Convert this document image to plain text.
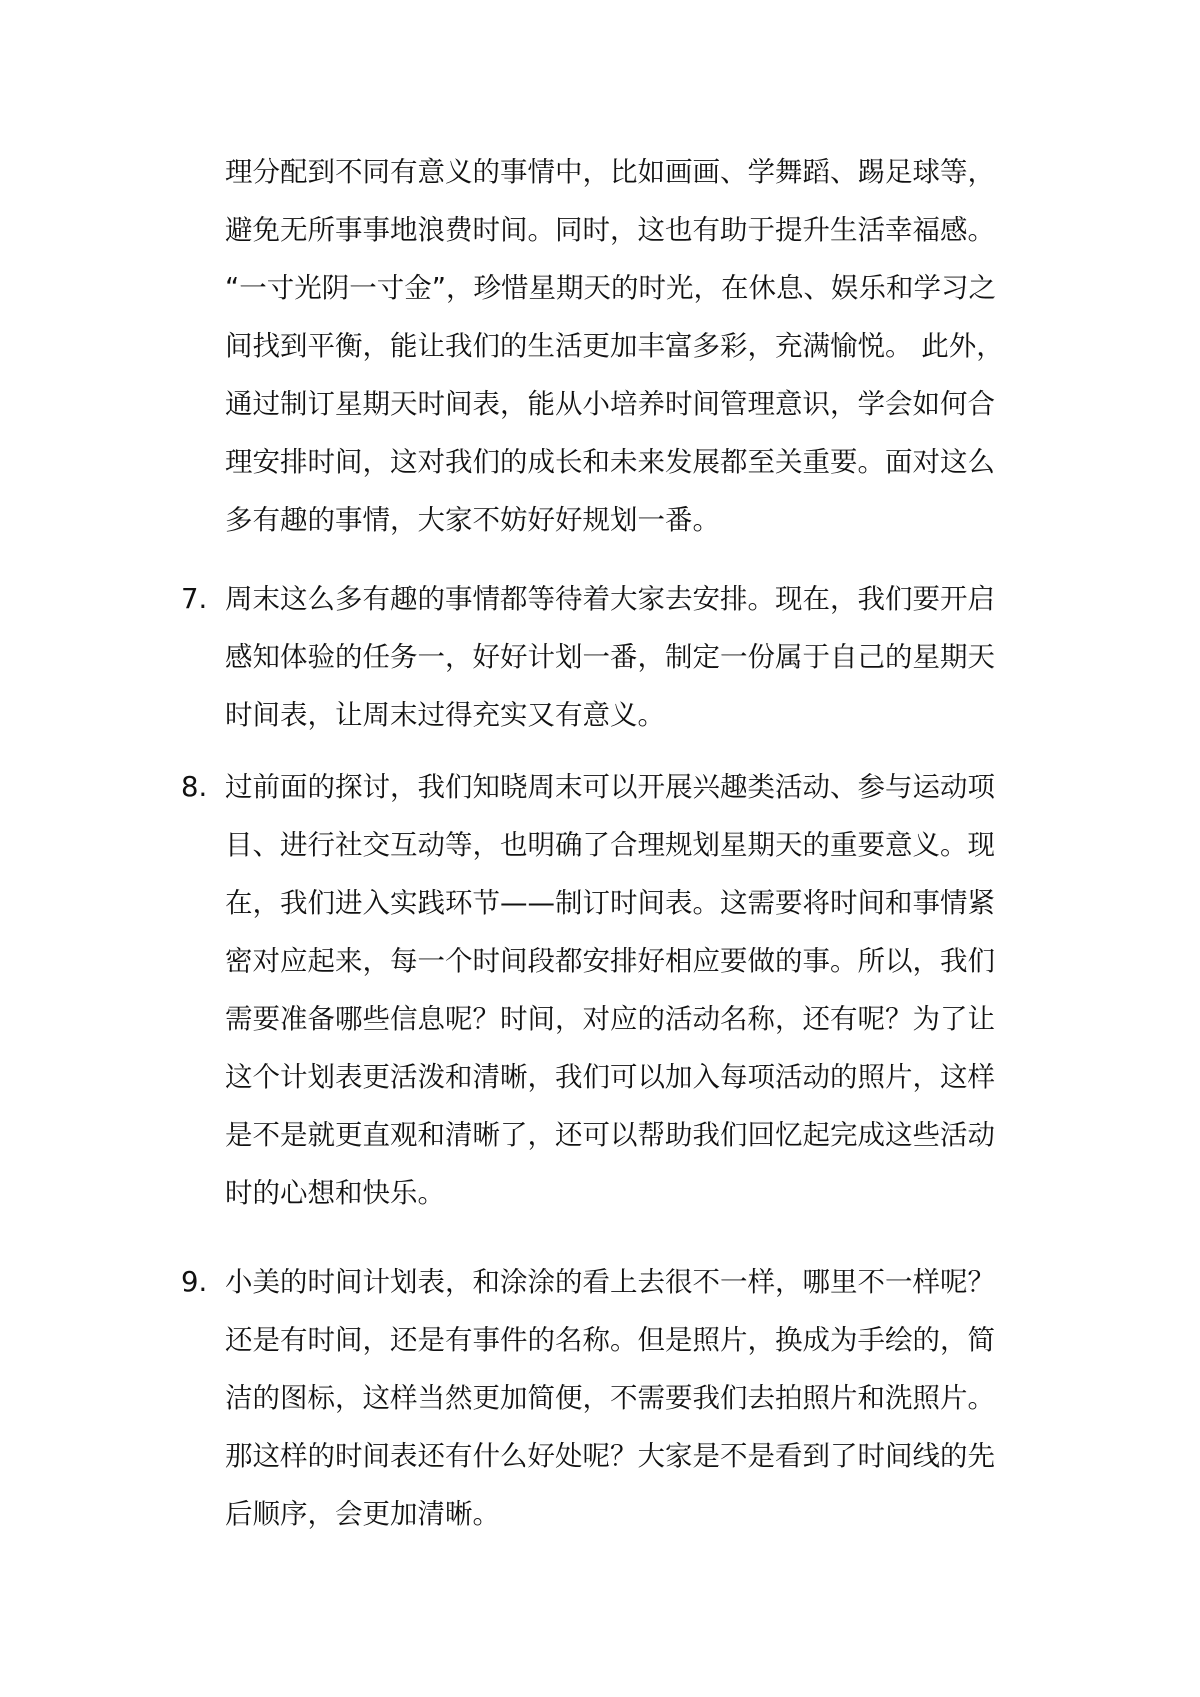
理分配到不同有意义的事情中，比如画画、学舞蹈、踢足球等，
避免无所事事地浪费时间。同时，这也有助于提升生活幸福感。
“一寸光阴一寸金”，珍惜星期天的时光，在休息、娱乐和学习之
间找到平衡，能让我们的生活更加丰富多彩，充满愉悦。 此外，
通过制订星期天时间表，能从小培养时间管理意识，学会如何合
理安排时间，这对我们的成长和未来发展都至关重要。面对这么
多有趣的事情，大家不妨好好规划一番。
7. 周末这么多有趣的事情都等待着大家去安排。现在，我们要开启
感知体验的任务一，好好计划一番，制定一份属于自己的星期天
时间表，让周末过得充实又有意义。
8. 过前面的探讨，我们知晓周末可以开展兴趣类活动、参与运动项
目、进行社交互动等，也明确了合理规划星期天的重要意义。现
在，我们进入实践环节——制订时间表。这需要将时间和事情紧
密对应起来，每一个时间段都安排好相应要做的事。所以，我们
需要准备哪些信息呢？时间，对应的活动名称，还有呢？为了让
这个计划表更活泼和清晰，我们可以加入每项活动的照片，这样
是不是就更直观和清晰了，还可以帮助我们回忆起完成这些活动
时的心想和快乐。
9. 小美的时间计划表，和涂涂的看上去很不一样，哪里不一样呢？
还是有时间，还是有事件的名称。但是照片，换成为手绘的，简
洁的图标，这样当然更加简便，不需要我们去拍照片和洗照片。
那这样的时间表还有什么好处呢？大家是不是看到了时间线的先
后顺序，会更加清晰。
